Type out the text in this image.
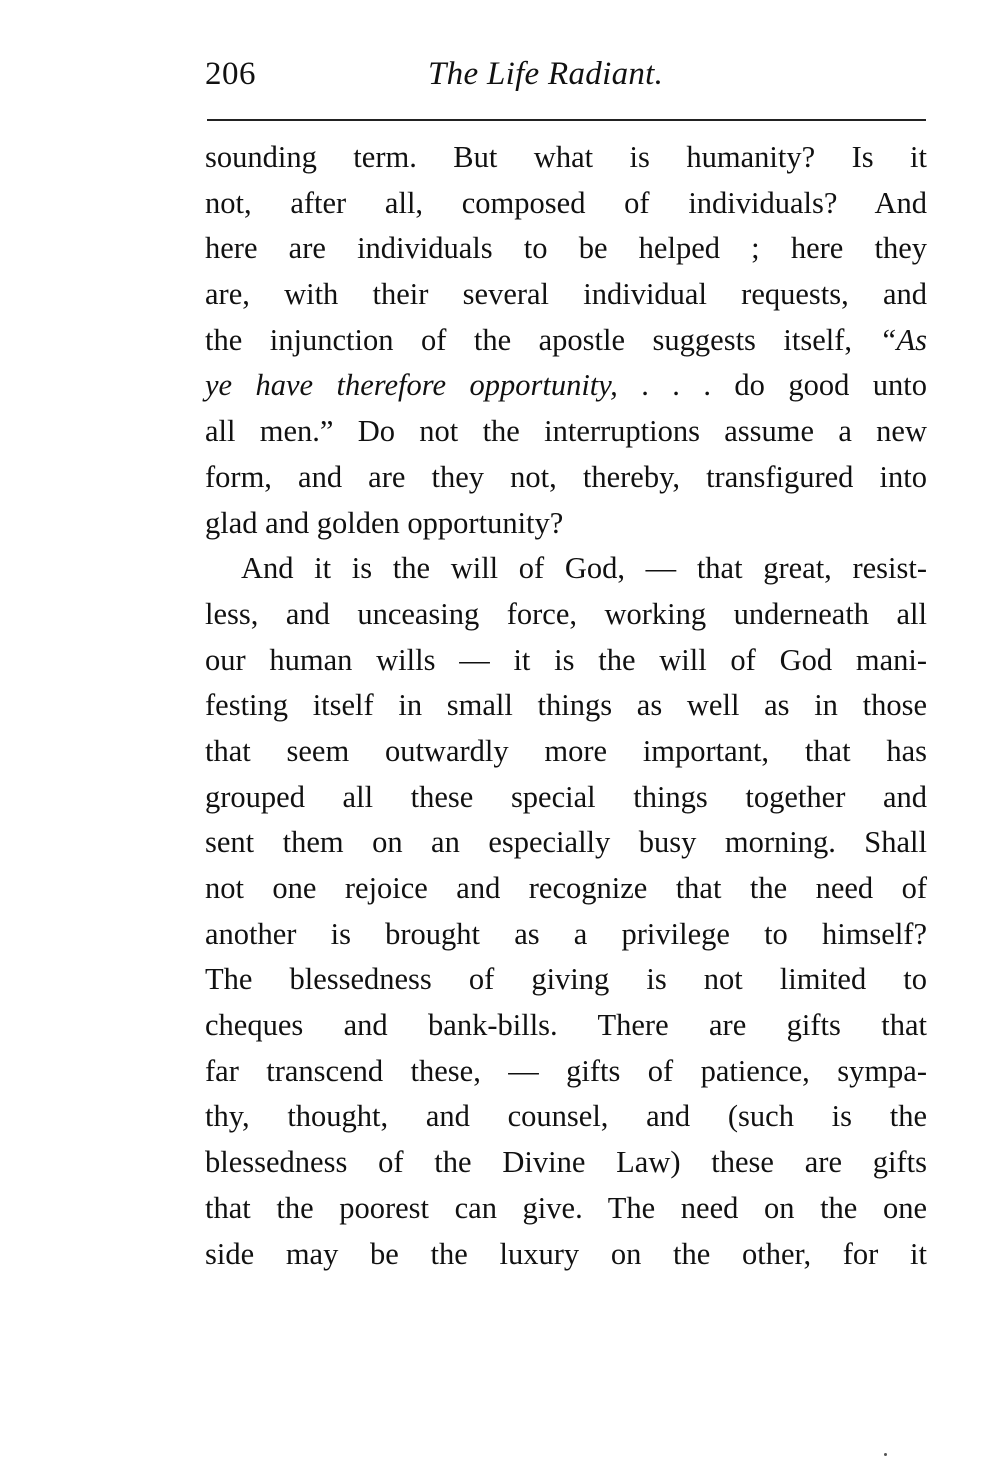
206	The Life Radiant.
sounding term. But what is humanity? Is it
not, after all, composed of individuals? And
here are individuals to be helped ; here they
are, with their several individual requests, and
the injunction of the apostle suggests itself, “As
ye have therefore opportunity, . . . do good unto
all men.” Do not the interruptions assume a new
form, and are they not, thereby, transfigured into
glad and golden opportunity?
And it is the will of God, — that great, resist-
less, and unceasing force, working underneath all
our human wills — it is the will of God mani-
festing itself in small things as well as in those
that seem outwardly more important, that has
grouped all these special things together and
sent them on an especially busy morning. Shall
not one rejoice and recognize that the need of
another is brought as a privilege to himself?
The blessedness of giving is not limited to
cheques and bank-bills. There are gifts that
far transcend these, — gifts of patience, sympa-
thy, thought, and counsel, and (such is the
blessedness of the Divine Law) these are gifts
that the poorest can give. The need on the one
side may be the luxury on the other, for it
